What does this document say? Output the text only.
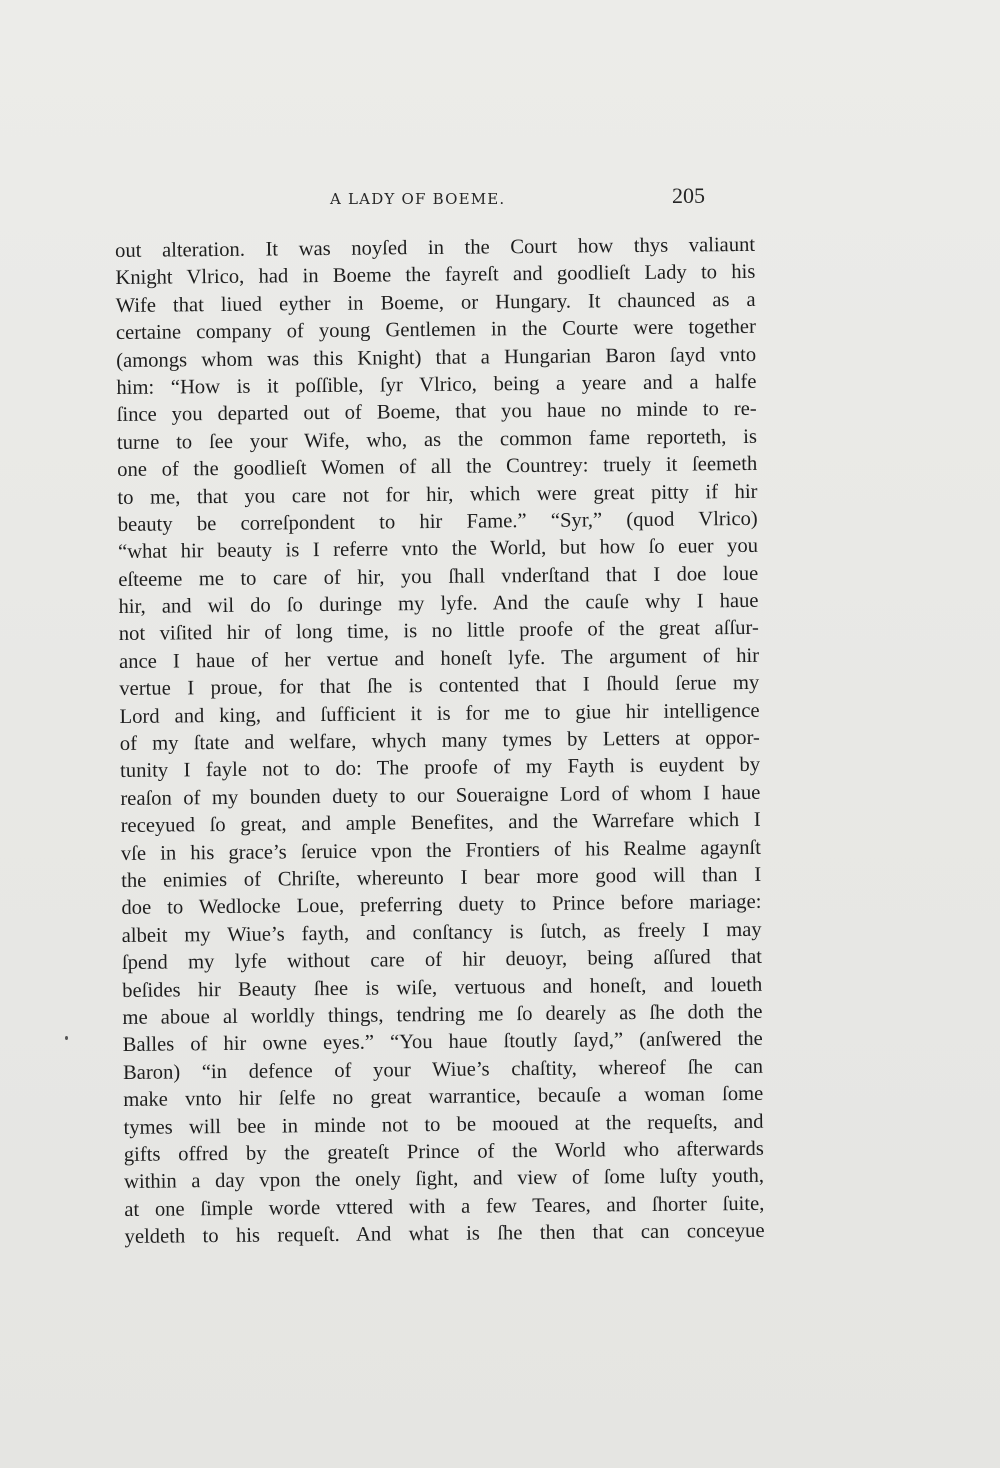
A LADY OF BOEME.	205
out alteration. It was noyſed in the Court how thys valiaunt
Knight Vlrico, had in Boeme the fayreſt and goodlieſt Lady to his
Wife that liued eyther in Boeme, or Hungary. It chaunced as a
certaine company of young Gentlemen in the Courte were together
(amongs whom was this Knight) that a Hungarian Baron ſayd vnto
him: “How is it poſſible, ſyr Vlrico, being a yeare and a halfe
ſince you departed out of Boeme, that you haue no minde to re-
turne to ſee your Wife, who, as the common fame reporteth, is
one of the goodlieſt Women of all the Countrey: truely it ſeemeth
to me, that you care not for hir, which were great pitty if hir
beauty be correſpondent to hir Fame.” “Syr,” (quod Vlrico)
“what hir beauty is I referre vnto the World, but how ſo euer you
eſteeme me to care of hir, you ſhall vnderſtand that I doe loue
hir, and wil do ſo duringe my lyfe. And the cauſe why I haue
not viſited hir of long time, is no little proofe of the great aſſur-
ance I haue of her vertue and honeſt lyfe. The argument of hir
vertue I proue, for that ſhe is contented that I ſhould ſerue my
Lord and king, and ſufficient it is for me to giue hir intelligence
of my ſtate and welfare, whych many tymes by Letters at oppor-
tunity I fayle not to do: The proofe of my Fayth is euydent by
reaſon of my bounden duety to our Soueraigne Lord of whom I haue
receyued ſo great, and ample Benefites, and the Warrefare which I
vſe in his grace’s ſeruice vpon the Frontiers of his Realme agaynſt
the enimies of Chriſte, whereunto I bear more good will than I
doe to Wedlocke Loue, preferring duety to Prince before mariage:
albeit my Wiue’s fayth, and conſtancy is ſutch, as freely I may
ſpend my lyfe without care of hir deuoyr, being aſſured that
beſides hir Beauty ſhee is wiſe, vertuous and honeſt, and loueth
me aboue al worldly things, tendring me ſo dearely as ſhe doth the
Balles of hir owne eyes.” “You haue ſtoutly ſayd,” (anſwered the
Baron) “in defence of your Wiue’s chaſtity, whereof ſhe can
make vnto hir ſelfe no great warrantice, becauſe a woman ſome
tymes will bee in minde not to be mooued at the requeſts, and
gifts offred by the greateſt Prince of the World who afterwards
within a day vpon the onely ſight, and view of ſome luſty youth,
at one ſimple worde vttered with a few Teares, and ſhorter ſuite,
yeldeth to his requeſt. And what is ſhe then that can conceyue
